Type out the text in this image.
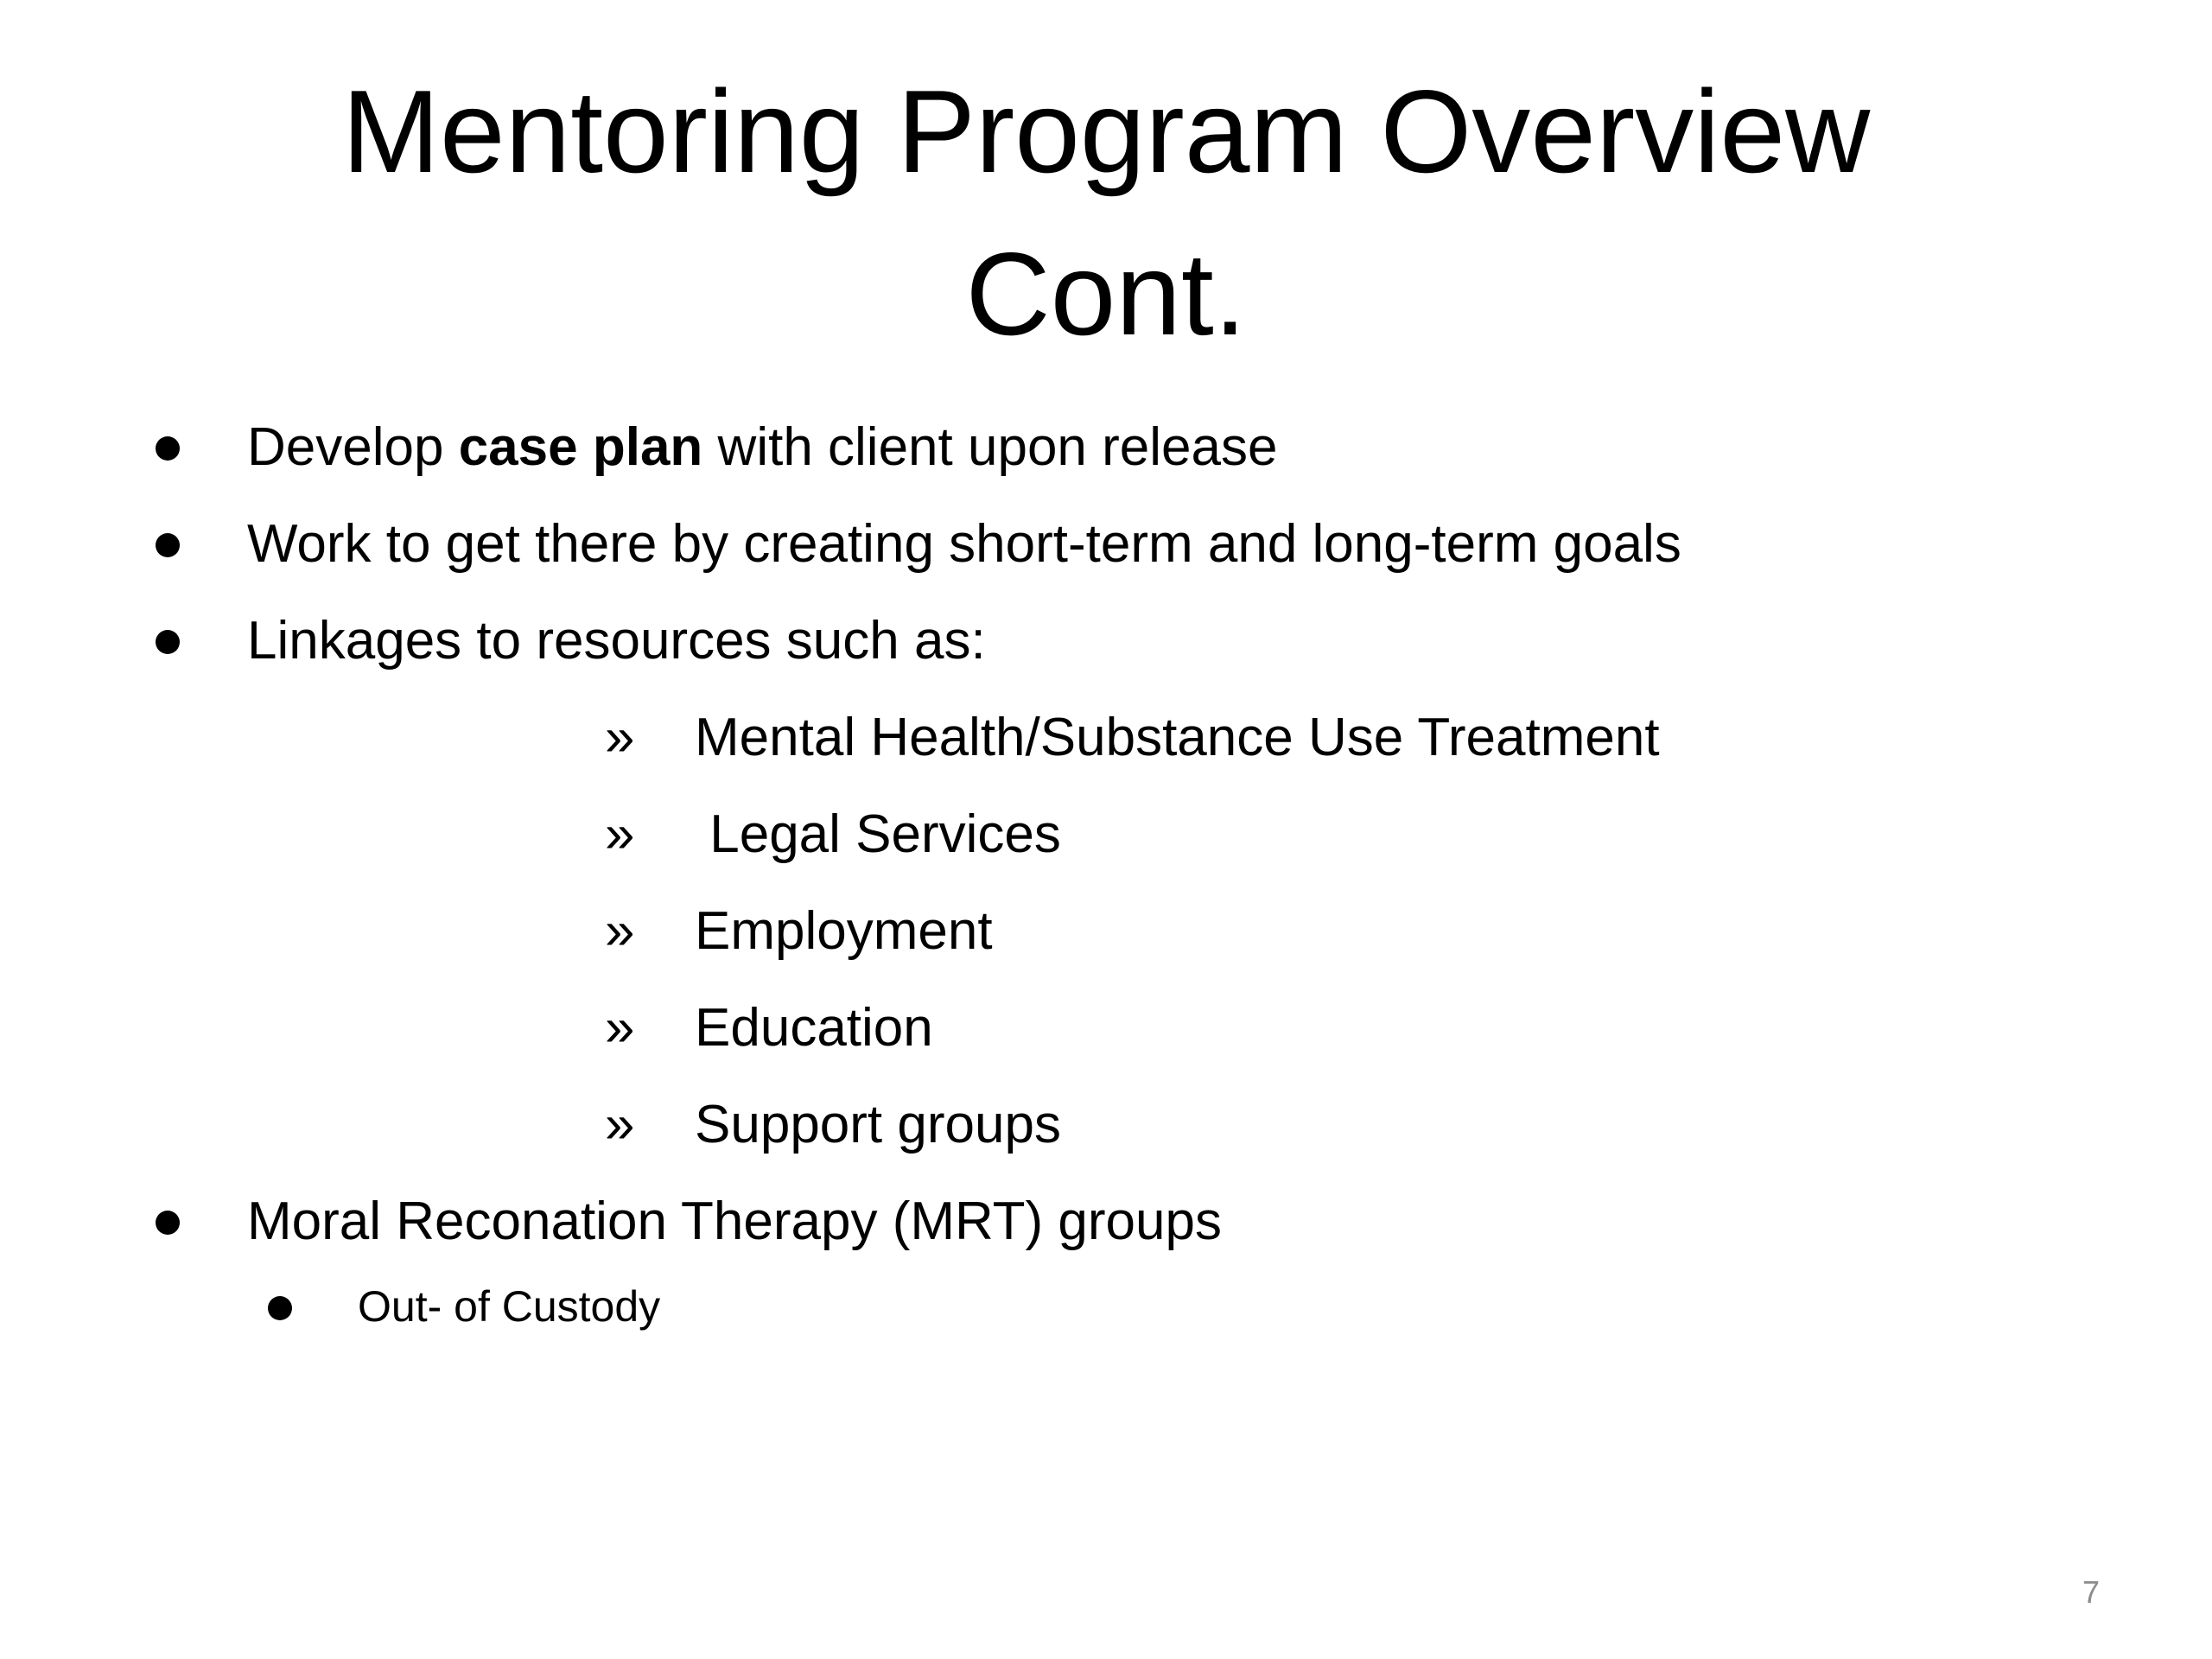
Mentoring Program Overview
Cont.
Develop case plan with client upon release
Work to get there by creating short-term and long-term goals
Linkages to resources such as:
» Mental Health/Substance Use Treatment
» Legal Services
» Employment
» Education
» Support groups
Moral Reconation Therapy (MRT) groups
Out- of Custody
7
